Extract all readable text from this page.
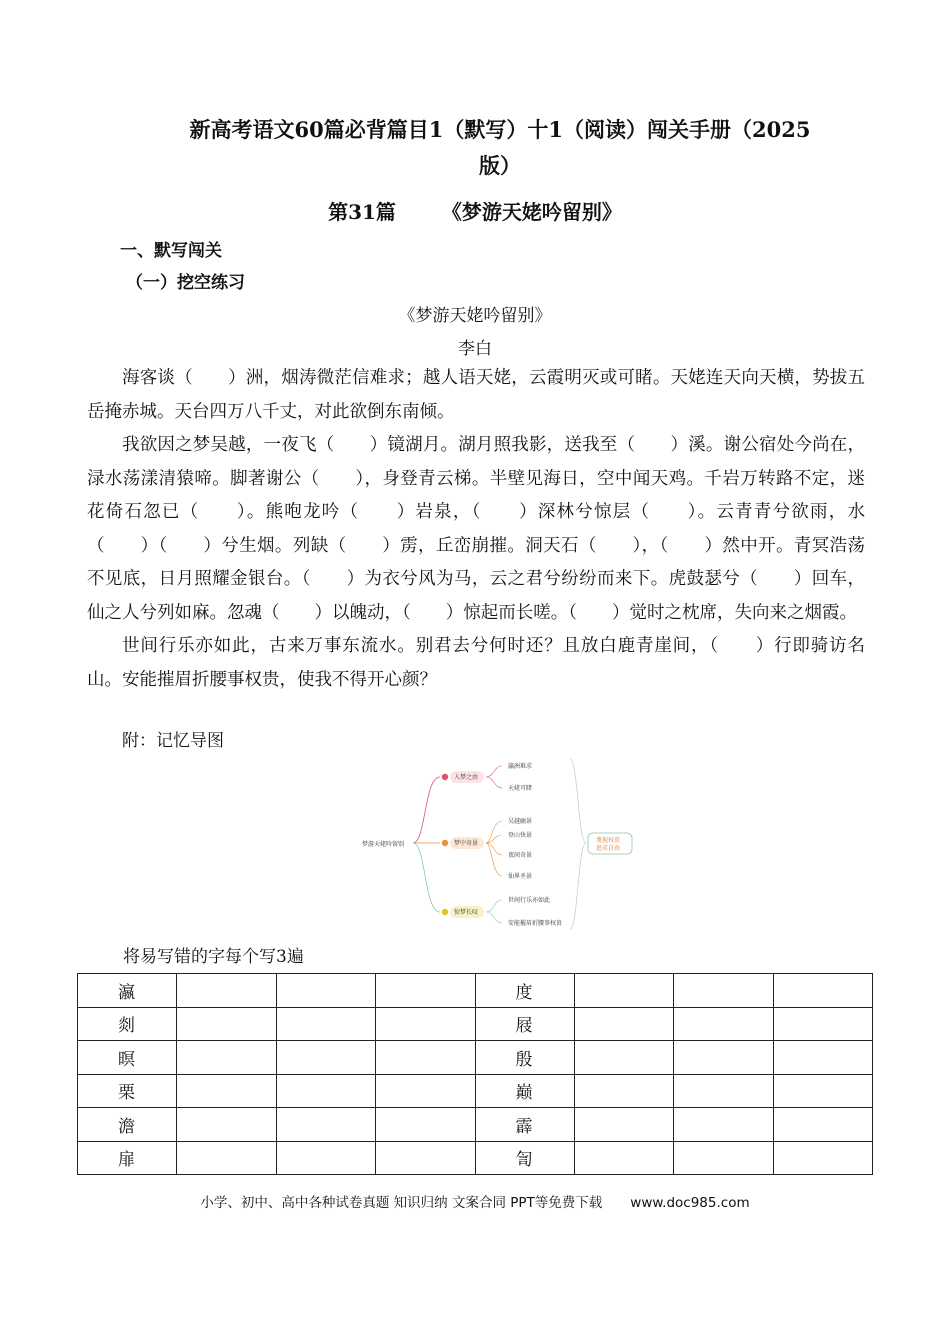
新高考语文60篇必背篇目1（默写）十1（阅读）闯关手册（2025
版）
第31篇 《梦游天姥吟留别》
一、默写闯关
（一）挖空练习
《梦游天姥吟留别》
李白

海客谈（　　）洲，烟涛微茫信难求；越人语天姥，云霞明灭或可睹。天姥连天向天横，势拔五岳掩赤城。天台四万八千丈，对此欲倒东南倾。

我欲因之梦吴越，一夜飞（　　）镜湖月。湖月照我影，送我至（　　）溪。谢公宿处今尚在，渌水荡漾清猿啼。脚著谢公（　　），身登青云梯。半壁见海日，空中闻天鸡。千岩万转路不定，迷花倚石忽已（　　）。熊咆龙吟（　　）岩泉，（　　）深林兮惊层（　　）。云青青兮欲雨，水（　　）（　　）兮生烟。列缺（　　）雳，丘峦崩摧。洞天石（　　），（　　）然中开。青冥浩荡不见底，日月照耀金银台。（　　）为衣兮风为马，云之君兮纷纷而来下。虎鼓瑟兮（　　）回车，仙之人兮列如麻。忽魂（　　）以魄动，（　　）惊起而长嗟。（　　）觉时之枕席，失向来之烟霞。

世间行乐亦如此，古来万事东流水。别君去兮何时还？且放白鹿青崖间，（　　）行即骑访名山。安能摧眉折腰事权贵，使我不得开心颜？

附：记忆导图
梦游天姥吟留别
入梦之由
梦中奇景
惊梦长叹
瀛洲难求
天姥可睹
吴越幽景
登山快景
夜间奇景
仙界圣景
世间行乐亦如此
安能摧眉折腰事权贵
蔑视权贵
追求自由
将易写错的字每个写3遍
瀛				度			
剡				屐			
暝				殷			
栗				巅			
澹				霹			
扉				訇			
小学、初中、高中各种试卷真题 知识归纳 文案合同 PPT等免费下载 www.doc985.com
